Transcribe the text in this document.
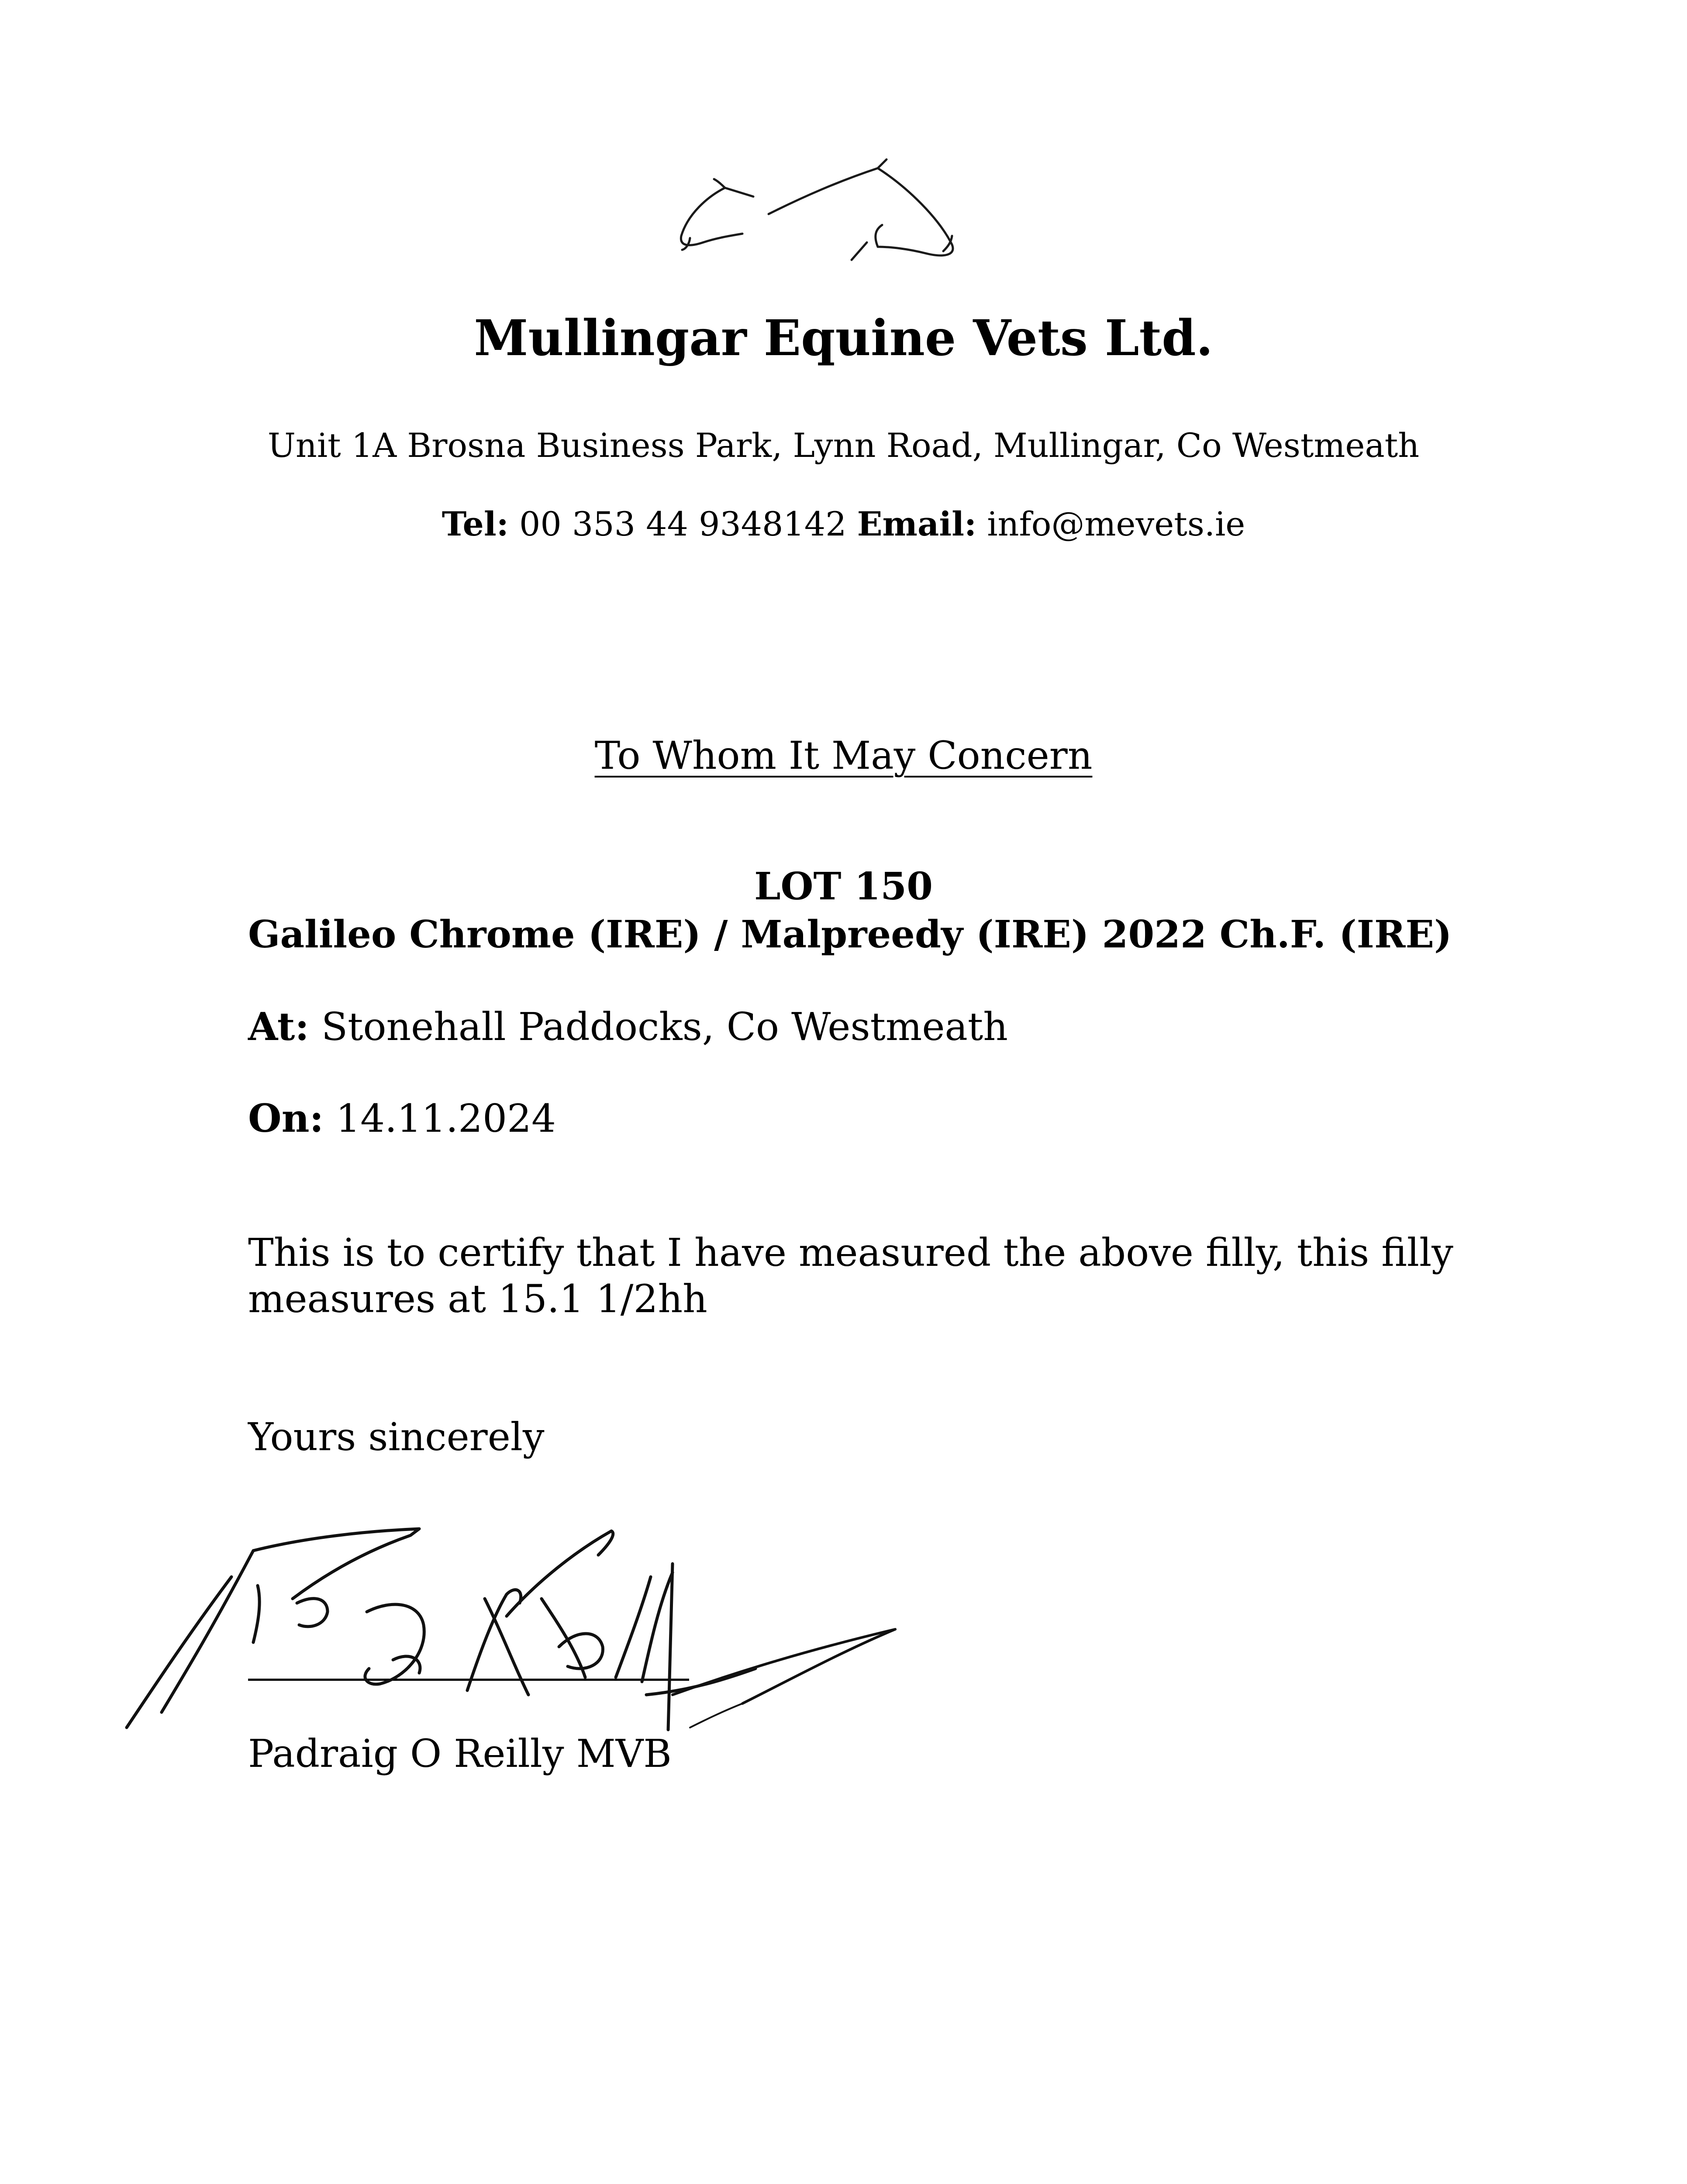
Mullingar Equine Vets Ltd.
Unit 1A Brosna Business Park, Lynn Road, Mullingar, Co Westmeath
Tel: 00 353 44 9348142 Email: info@mevets.ie
To Whom It May Concern
LOT 150
Galileo Chrome (IRE) / Malpreedy (IRE) 2022 Ch.F. (IRE)
At: Stonehall Paddocks, Co Westmeath
On: 14.11.2024
This is to certify that I have measured the above filly, this filly measures at 15.1 1/2hh
Yours sincerely
Padraig O Reilly MVB
